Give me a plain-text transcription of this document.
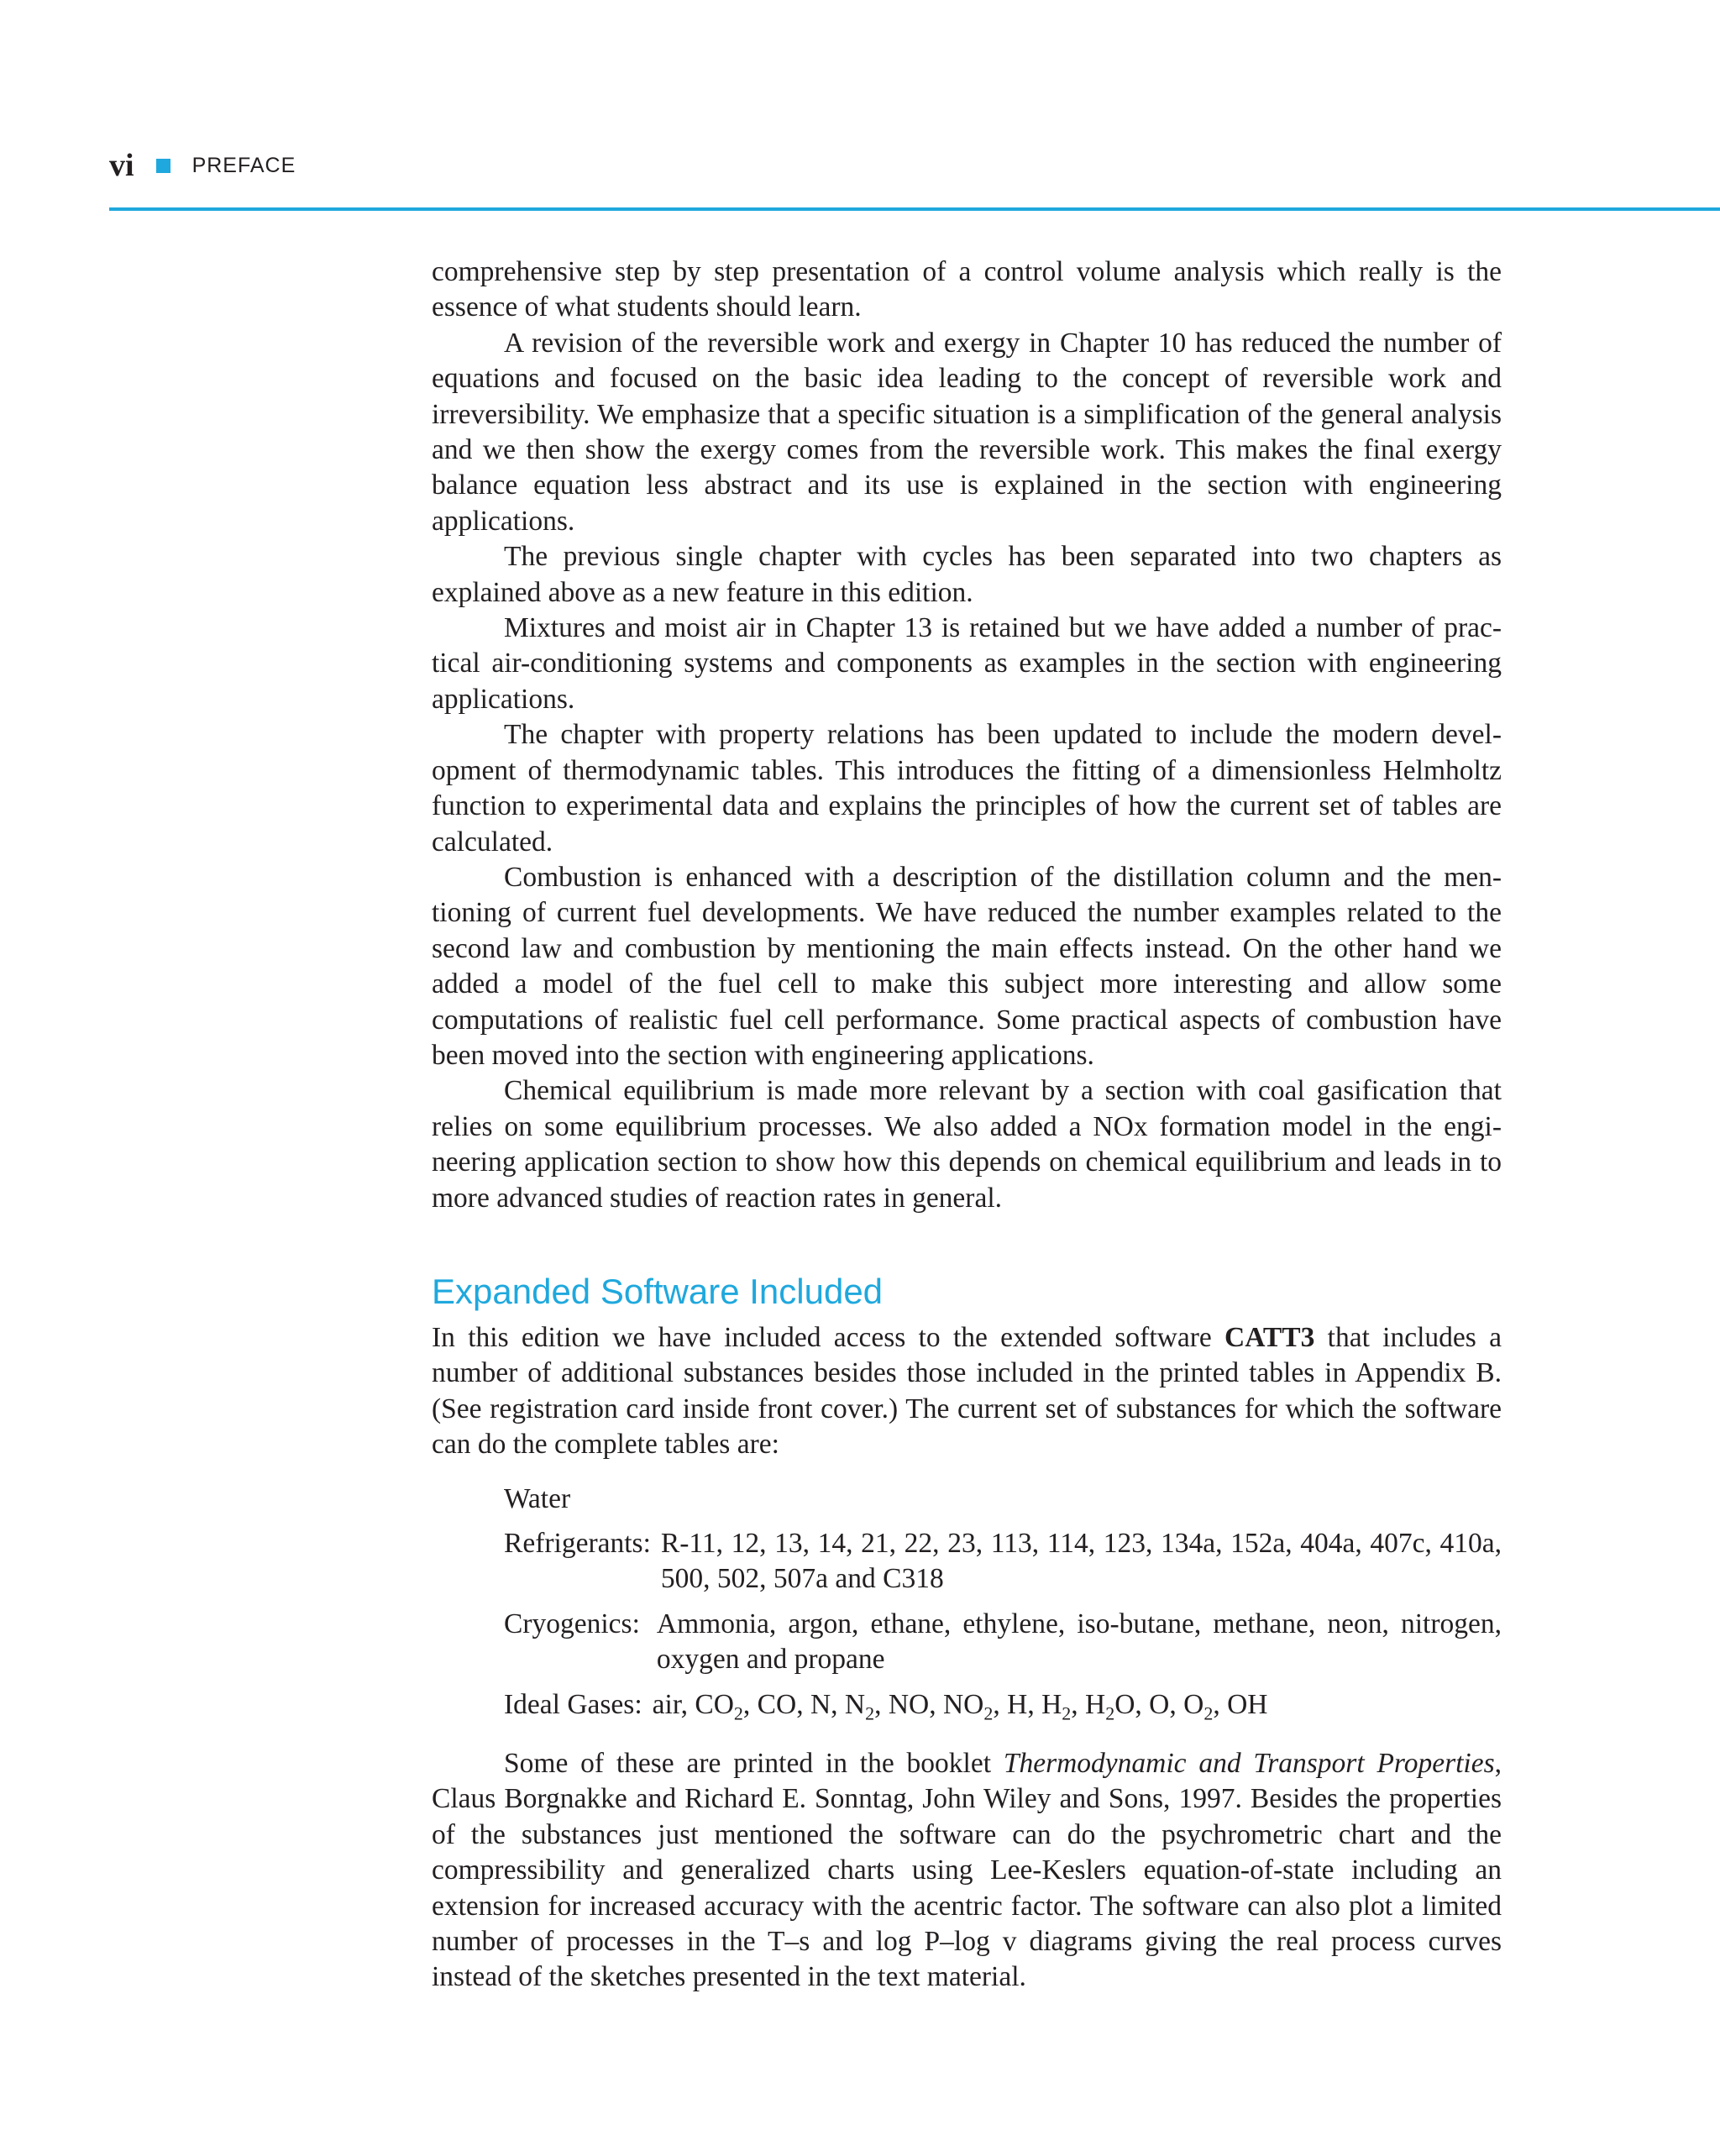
vi	PREFACE

comprehensive step by step presentation of a control volume analysis which really is the essence of what students should learn.

A revision of the reversible work and exergy in Chapter 10 has reduced the number of equations and focused on the basic idea leading to the concept of reversible work and irreversibility. We emphasize that a specific situation is a simplification of the general analysis and we then show the exergy comes from the reversible work. This makes the final exergy balance equation less abstract and its use is explained in the section with engineering applications.

The previous single chapter with cycles has been separated into two chapters as explained above as a new feature in this edition.

Mixtures and moist air in Chapter 13 is retained but we have added a number of prac-tical air-conditioning systems and components as examples in the section with engineering applications.

The chapter with property relations has been updated to include the modern devel-opment of thermodynamic tables. This introduces the fitting of a dimensionless Helmholtz function to experimental data and explains the principles of how the current set of tables are calculated.

Combustion is enhanced with a description of the distillation column and the men-tioning of current fuel developments. We have reduced the number examples related to the second law and combustion by mentioning the main effects instead. On the other hand we added a model of the fuel cell to make this subject more interesting and allow some computations of realistic fuel cell performance. Some practical aspects of combustion have been moved into the section with engineering applications.

Chemical equilibrium is made more relevant by a section with coal gasification that relies on some equilibrium processes. We also added a NOx formation model in the engi-neering application section to show how this depends on chemical equilibrium and leads in to more advanced studies of reaction rates in general.

Expanded Software Included

In this edition we have included access to the extended software CATT3 that includes a number of additional substances besides those included in the printed tables in Appendix B. (See registration card inside front cover.) The current set of substances for which the software can do the complete tables are:

Water
Refrigerants: R-11, 12, 13, 14, 21, 22, 23, 113, 114, 123, 134a, 152a, 404a, 407c, 410a, 500, 502, 507a and C318
Cryogenics: Ammonia, argon, ethane, ethylene, iso-butane, methane, neon, nitrogen, oxygen and propane
Ideal Gases: air, $CO_2$, CO, N, $N_2$, NO, $NO_2$, H, $H_2$, $H_2O$, O, $O_2$, OH

Some of these are printed in the booklet Thermodynamic and Transport Properties, Claus Borgnakke and Richard E. Sonntag, John Wiley and Sons, 1997. Besides the properties of the substances just mentioned the software can do the psychrometric chart and the compressibility and generalized charts using Lee-Keslers equation-of-state including an extension for increased accuracy with the acentric factor. The software can also plot a limited number of processes in the T–s and log P–log v diagrams giving the real process curves instead of the sketches presented in the text material.
